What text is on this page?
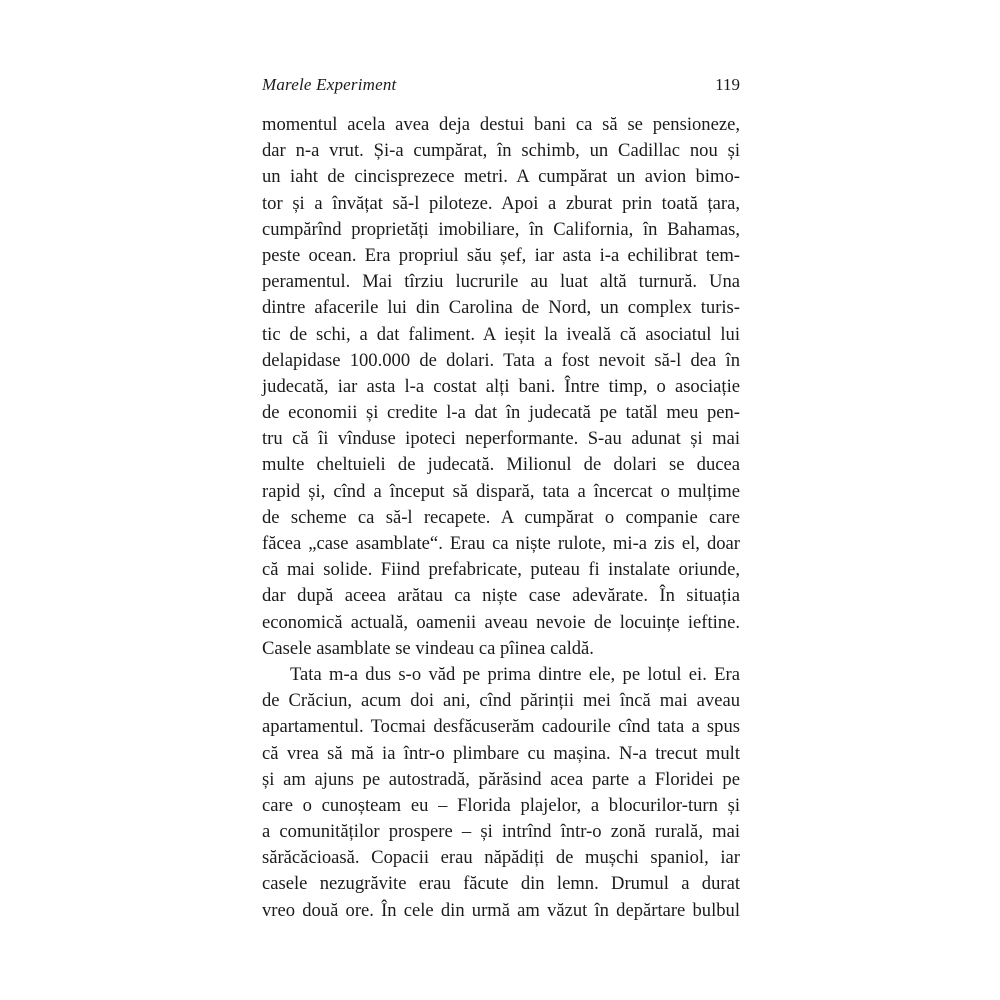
Marele Experiment	119
momentul acela avea deja destui bani ca să se pensioneze,
dar n-a vrut. Și-a cumpărat, în schimb, un Cadillac nou și
un iaht de cincisprezece metri. A cumpărat un avion bimo-
tor și a învățat să-l piloteze. Apoi a zburat prin toată țara,
cumpărînd proprietăți imobiliare, în California, în Bahamas,
peste ocean. Era propriul său șef, iar asta i-a echilibrat tem-
peramentul. Mai tîrziu lucrurile au luat altă turnură. Una
dintre afacerile lui din Carolina de Nord, un complex turis-
tic de schi, a dat faliment. A ieșit la iveală că asociatul lui
delapidase 100.000 de dolari. Tata a fost nevoit să-l dea în
judecată, iar asta l-a costat alți bani. Între timp, o asociație
de economii și credite l-a dat în judecată pe tatăl meu pen-
tru că îi vînduse ipoteci neperformante. S-au adunat și mai
multe cheltuieli de judecată. Milionul de dolari se ducea
rapid și, cînd a început să dispară, tata a încercat o mulțime
de scheme ca să-l recapete. A cumpărat o companie care
făcea „case asamblate“. Erau ca niște rulote, mi-a zis el, doar
că mai solide. Fiind prefabricate, puteau fi instalate oriunde,
dar după aceea arătau ca niște case adevărate. În situația
economică actuală, oamenii aveau nevoie de locuințe ieftine.
Casele asamblate se vindeau ca pîinea caldă.
Tata m-a dus s-o văd pe prima dintre ele, pe lotul ei. Era
de Crăciun, acum doi ani, cînd părinții mei încă mai aveau
apartamentul. Tocmai desfăcuserăm cadourile cînd tata a spus
că vrea să mă ia într-o plimbare cu mașina. N-a trecut mult
și am ajuns pe autostradă, părăsind acea parte a Floridei pe
care o cunoșteam eu – Florida plajelor, a blocurilor-turn și
a comunităților prospere – și intrînd într-o zonă rurală, mai
sărăcăcioasă. Copacii erau năpădiți de mușchi spaniol, iar
casele nezugrăvite erau făcute din lemn. Drumul a durat
vreo două ore. În cele din urmă am văzut în depărtare bulbul
